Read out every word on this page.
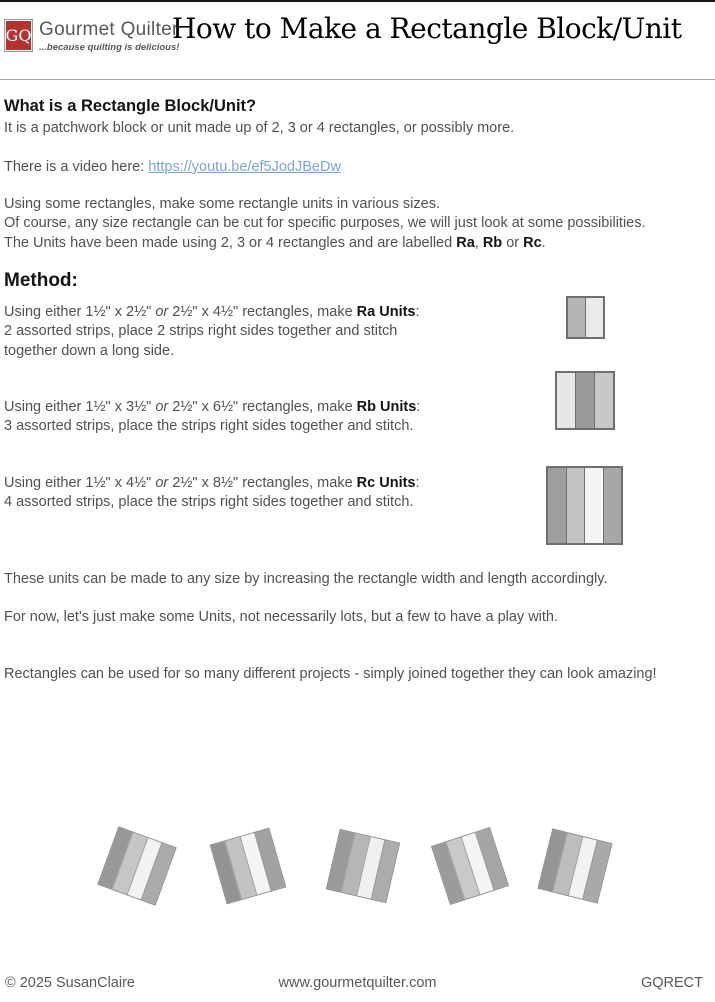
GQ Gourmet Quilter
...because quilting is delicious!
How to Make a Rectangle Block/Unit
What is a Rectangle Block/Unit?
It is a patchwork block or unit made up of 2, 3 or 4 rectangles, or possibly more.
There is a video here: https://youtu.be/ef5JodJBeDw
Using some rectangles, make some rectangle units in various sizes.
Of course, any size rectangle can be cut for specific purposes, we will just look at some possibilities.
The Units have been made using 2, 3 or 4 rectangles and are labelled Ra, Rb or Rc.
Method:
Using either 1½" x 2½" or 2½" x 4½" rectangles, make Ra Units:
2 assorted strips, place 2 strips right sides together and stitch
together down a long side.
Using either 1½" x 3½" or 2½" x 6½" rectangles, make Rb Units:
3 assorted strips, place the strips right sides together and stitch.
Using either 1½" x 4½" or 2½" x 8½" rectangles, make Rc Units:
4 assorted strips, place the strips right sides together and stitch.
These units can be made to any size by increasing the rectangle width and length accordingly.
For now, let's just make some Units, not necessarily lots, but a few to have a play with.
Rectangles can be used for so many different projects - simply joined together they can look amazing!
© 2025 SusanClaire	www.gourmetquilter.com	GQRECT
